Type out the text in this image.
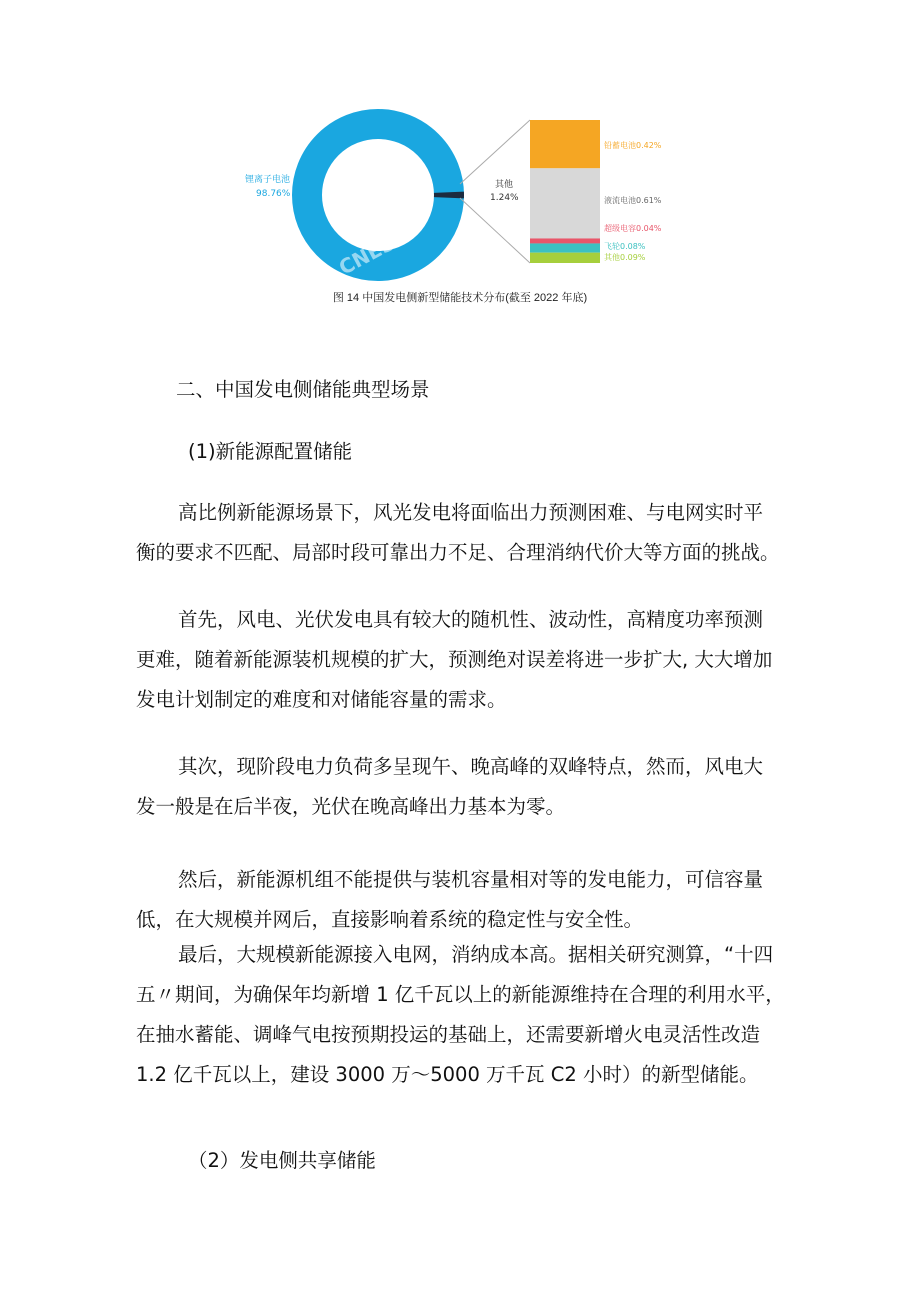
锂离子电池
98.76%
其他
1.24%
铅蓄电池0.42%
液流电池0.61%
超级电容0.04%
飞轮0.08%
其他0.09%
CNESA
图 14 中国发电侧新型储能技术分布(截至 2022 年底)
二、中国发电侧储能典型场景
(1)新能源配置储能

高比例新能源场景下，风光发电将面临出力预测困难、与电网实时平

衡的要求不匹配、局部时段可靠出力不足、合理消纳代价大等方面的挑战。

首先，风电、光伏发电具有较大的随机性、波动性，高精度功率预测

更难，随着新能源装机规模的扩大，预测绝对误差将进一步扩大, 大大增加

发电计划制定的难度和对储能容量的需求。

其次，现阶段电力负荷多呈现午、晚高峰的双峰特点，然而，风电大

发一般是在后半夜，光伏在晚高峰出力基本为零。

然后，新能源机组不能提供与装机容量相对等的发电能力，可信容量

低，在大规模并网后，直接影响着系统的稳定性与安全性。

最后，大规模新能源接入电网，消纳成本高。据相关研究测算，“十四

五〃期间，为确保年均新增 1 亿千瓦以上的新能源维持在合理的利用水平，

在抽水蓄能、调峰气电按预期投运的基础上，还需要新增火电灵活性改造

1.2 亿千瓦以上，建设 3000 万〜5000 万千瓦 C2 小时）的新型储能。

（2）发电侧共享储能
